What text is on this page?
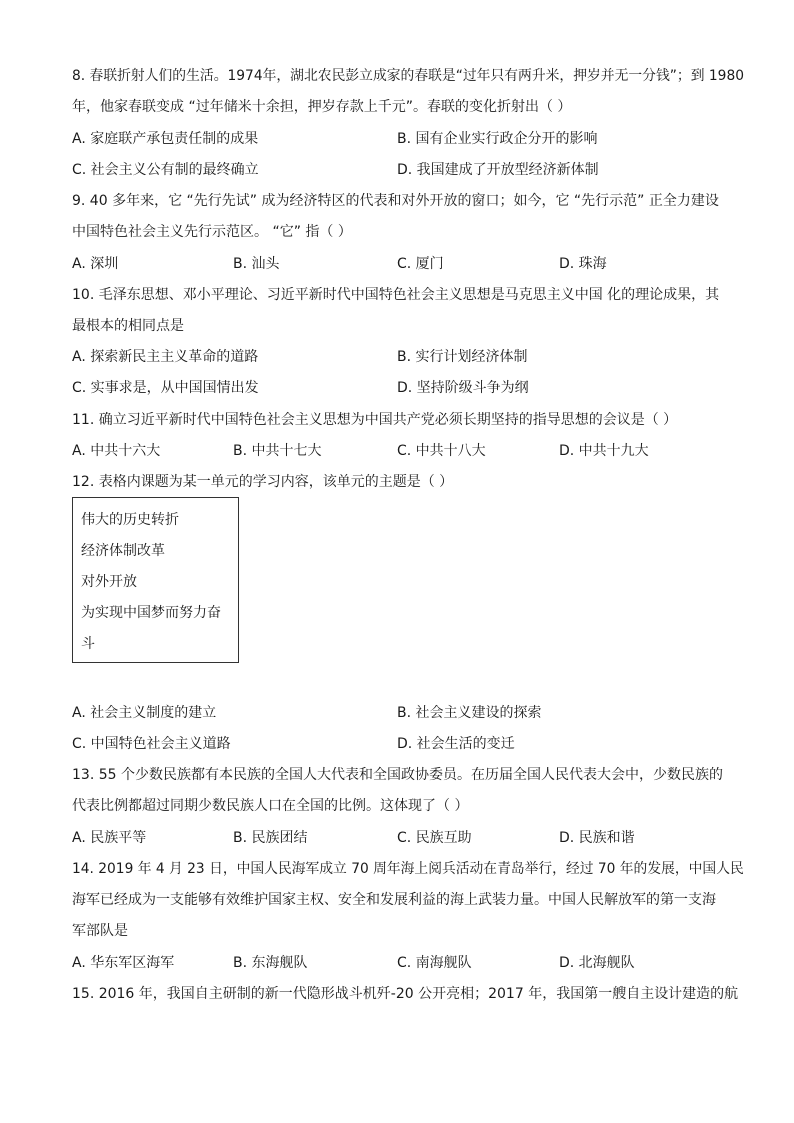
8. 春联折射人们的生活。1974年，湖北农民彭立成家的春联是“过年只有两升米，押岁并无一分钱”；到 1980
年，他家春联变成 “过年储米十余担，押岁存款上千元”。春联的变化折射出（ ）
A. 家庭联产承包责任制的成果	B. 国有企业实行政企分开的影响
C. 社会主义公有制的最终确立	D. 我国建成了开放型经济新体制
9. 40 多年来，它 “先行先试” 成为经济特区的代表和对外开放的窗口；如今，它 “先行示范” 正全力建设
中国特色社会主义先行示范区。 “它” 指（ ）
A. 深圳	B. 汕头	C. 厦门	D. 珠海
10. 毛泽东思想、邓小平理论、习近平新时代中国特色社会主义思想是马克思主义中国 化的理论成果，其
最根本的相同点是
A. 探索新民主主义革命的道路	B. 实行计划经济体制
C. 实事求是，从中国国情出发	D. 坚持阶级斗争为纲
11. 确立习近平新时代中国特色社会主义思想为中国共产党必须长期坚持的指导思想的会议是（ ）
A. 中共十六大	B. 中共十七大	C. 中共十八大	D. 中共十九大
12. 表格内课题为某一单元的学习内容，该单元的主题是（ ）
伟大的历史转折
经济体制改革
对外开放
为实现中国梦而努力奋
斗
A. 社会主义制度的建立	B. 社会主义建设的探索
C. 中国特色社会主义道路	D. 社会生活的变迁
13. 55 个少数民族都有本民族的全国人大代表和全国政协委员。在历届全国人民代表大会中，少数民族的
代表比例都超过同期少数民族人口在全国的比例。这体现了（ ）
A. 民族平等	B. 民族团结	C. 民族互助	D. 民族和谐
14. 2019 年 4 月 23 日，中国人民海军成立 70 周年海上阅兵活动在青岛举行，经过 70 年的发展，中国人民
海军已经成为一支能够有效维护国家主权、安全和发展利益的海上武装力量。中国人民解放军的第一支海
军部队是
A. 华东军区海军	B. 东海舰队	C. 南海舰队	D. 北海舰队
15. 2016 年，我国自主研制的新一代隐形战斗机歼-20 公开亮相；2017 年，我国第一艘自主设计建造的航
